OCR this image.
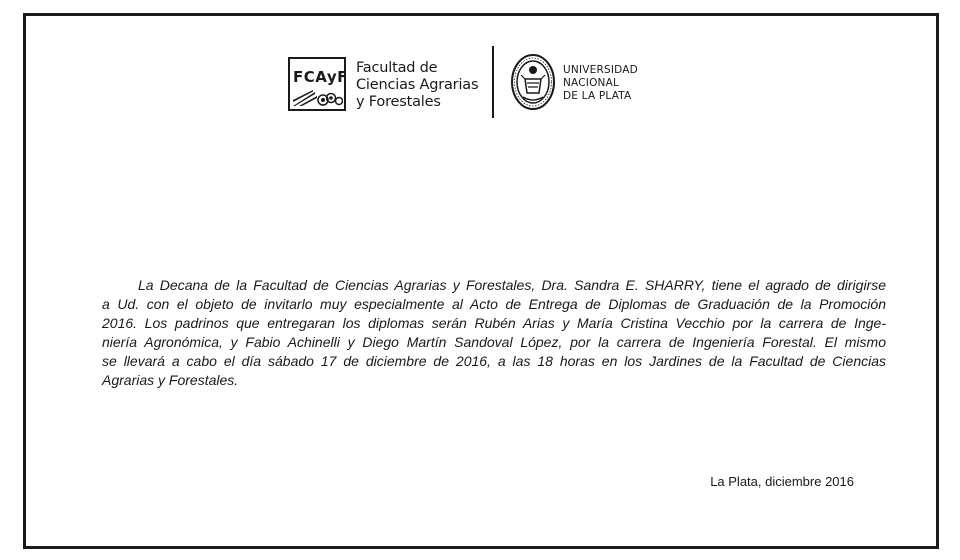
FCAyF Facultad de
Ciencias Agrarias
y Forestales
UNIVERSIDAD
NACIONAL
DE LA PLATA
La Decana de la Facultad de Ciencias Agrarias y Forestales, Dra. Sandra E. SHARRY, tiene el agrado de dirigirse
a Ud. con el objeto de invitarlo muy especialmente al Acto de Entrega de Diplomas de Graduación de la Promoción
2016. Los padrinos que entregaran los diplomas serán Rubén Arias y María Cristina Vecchio por la carrera de Inge-
niería Agronómica, y Fabio Achinelli y Diego Martín Sandoval López, por la carrera de Ingeniería Forestal. El mismo
se llevará a cabo el día sábado 17 de diciembre de 2016, a las 18 horas en los Jardines de la Facultad de Ciencias
Agrarias y Forestales.
La Plata, diciembre 2016
